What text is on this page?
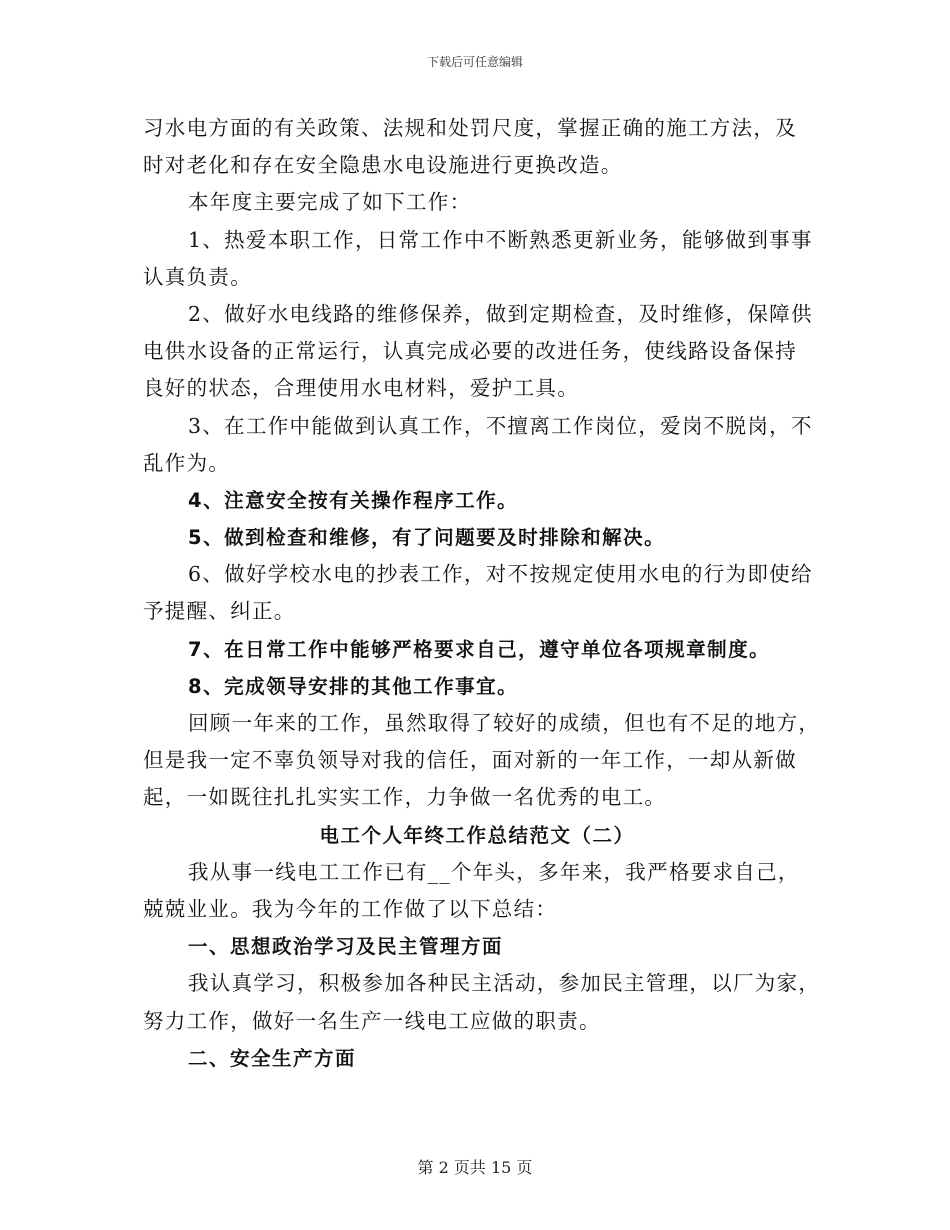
下载后可任意编辑
习水电方面的有关政策、法规和处罚尺度，掌握正确的施工方法，及
时对老化和存在安全隐患水电设施进行更换改造。
本年度主要完成了如下工作：
1、热爱本职工作，日常工作中不断熟悉更新业务，能够做到事事
认真负责。
2、做好水电线路的维修保养，做到定期检查，及时维修，保障供
电供水设备的正常运行，认真完成必要的改进任务，使线路设备保持
良好的状态，合理使用水电材料，爱护工具。
3、在工作中能做到认真工作，不擅离工作岗位，爱岗不脱岗，不
乱作为。
4、注意安全按有关操作程序工作。
5、做到检查和维修，有了问题要及时排除和解决。
6、做好学校水电的抄表工作，对不按规定使用水电的行为即使给
予提醒、纠正。
7、在日常工作中能够严格要求自己，遵守单位各项规章制度。
8、完成领导安排的其他工作事宜。
回顾一年来的工作，虽然取得了较好的成绩，但也有不足的地方，
但是我一定不辜负领导对我的信任，面对新的一年工作，一却从新做
起，一如既往扎扎实实工作，力争做一名优秀的电工。
电工个人年终工作总结范文（二）
我从事一线电工工作已有__个年头，多年来，我严格要求自己，
兢兢业业。我为今年的工作做了以下总结：
一、思想政治学习及民主管理方面
我认真学习，积极参加各种民主活动，参加民主管理，以厂为家，
努力工作，做好一名生产一线电工应做的职责。
二、安全生产方面
第 2 页共 15 页
